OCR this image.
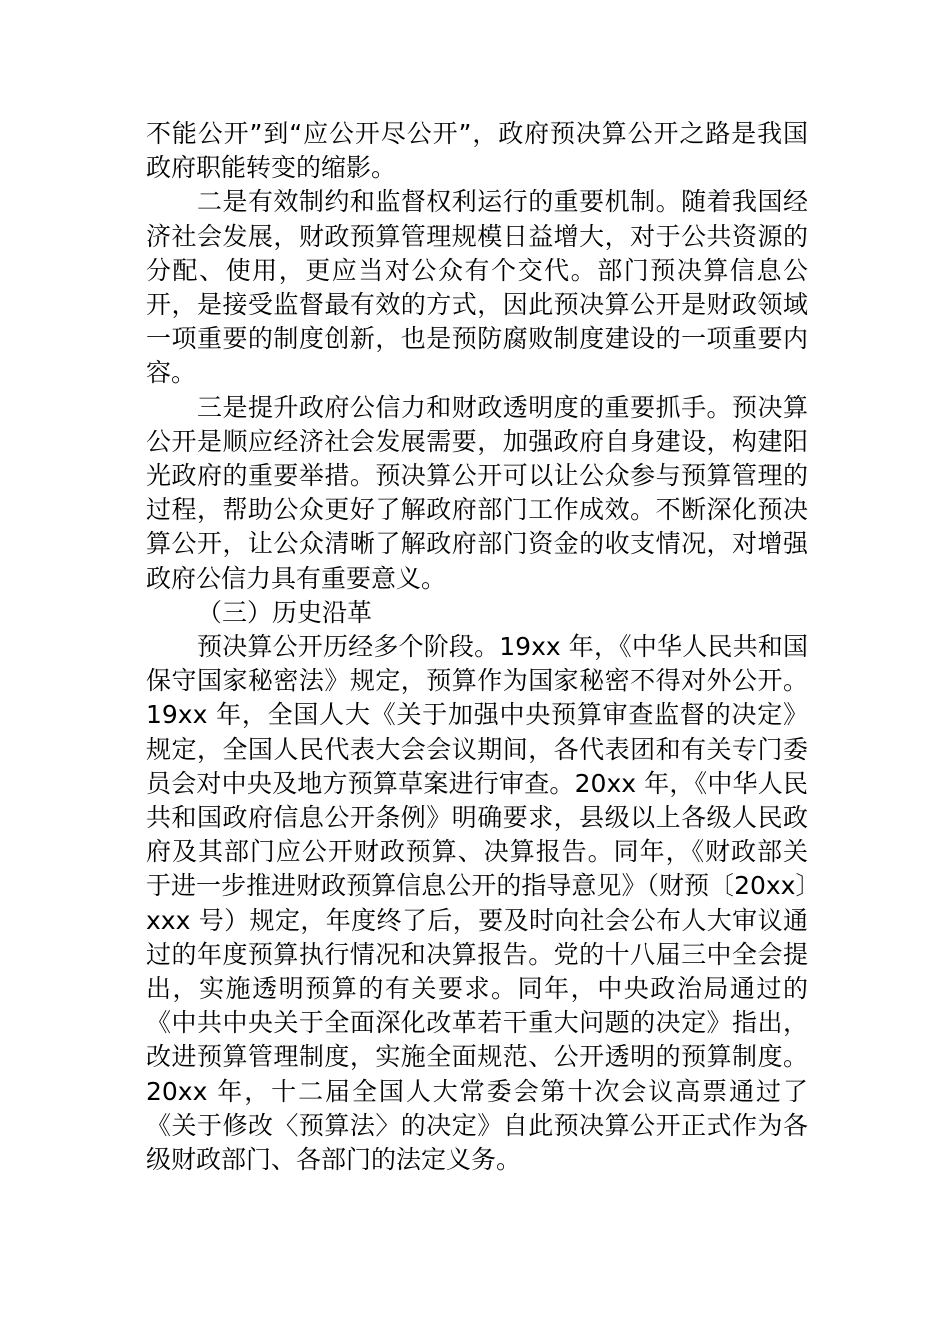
不能公开”到“应公开尽公开”，政府预决算公开之路是我国政府职能转变的缩影。

二是有效制约和监督权利运行的重要机制。随着我国经济社会发展，财政预算管理规模日益增大，对于公共资源的分配、使用，更应当对公众有个交代。部门预决算信息公开，是接受监督最有效的方式，因此预决算公开是财政领域一项重要的制度创新，也是预防腐败制度建设的一项重要内容。

三是提升政府公信力和财政透明度的重要抓手。预决算公开是顺应经济社会发展需要，加强政府自身建设，构建阳光政府的重要举措。预决算公开可以让公众参与预算管理的过程，帮助公众更好了解政府部门工作成效。不断深化预决算公开，让公众清晰了解政府部门资金的收支情况，对增强政府公信力具有重要意义。

（三）历史沿革

预决算公开历经多个阶段。19xx 年，《中华人民共和国保守国家秘密法》规定，预算作为国家秘密不得对外公开。19xx 年，全国人大《关于加强中央预算审查监督的决定》规定，全国人民代表大会会议期间，各代表团和有关专门委员会对中央及地方预算草案进行审查。20xx 年，《中华人民共和国政府信息公开条例》明确要求，县级以上各级人民政府及其部门应公开财政预算、决算报告。同年，《财政部关于进一步推进财政预算信息公开的指导意见》（财预〔20xx〕xxx 号）规定，年度终了后，要及时向社会公布人大审议通过的年度预算执行情况和决算报告。党的十八届三中全会提出，实施透明预算的有关要求。同年，中央政治局通过的《中共中央关于全面深化改革若干重大问题的决定》指出，改进预算管理制度，实施全面规范、公开透明的预算制度。20xx 年，十二届全国人大常委会第十次会议高票通过了《关于修改〈预算法〉的决定》自此预决算公开正式作为各级财政部门、各部门的法定义务。
